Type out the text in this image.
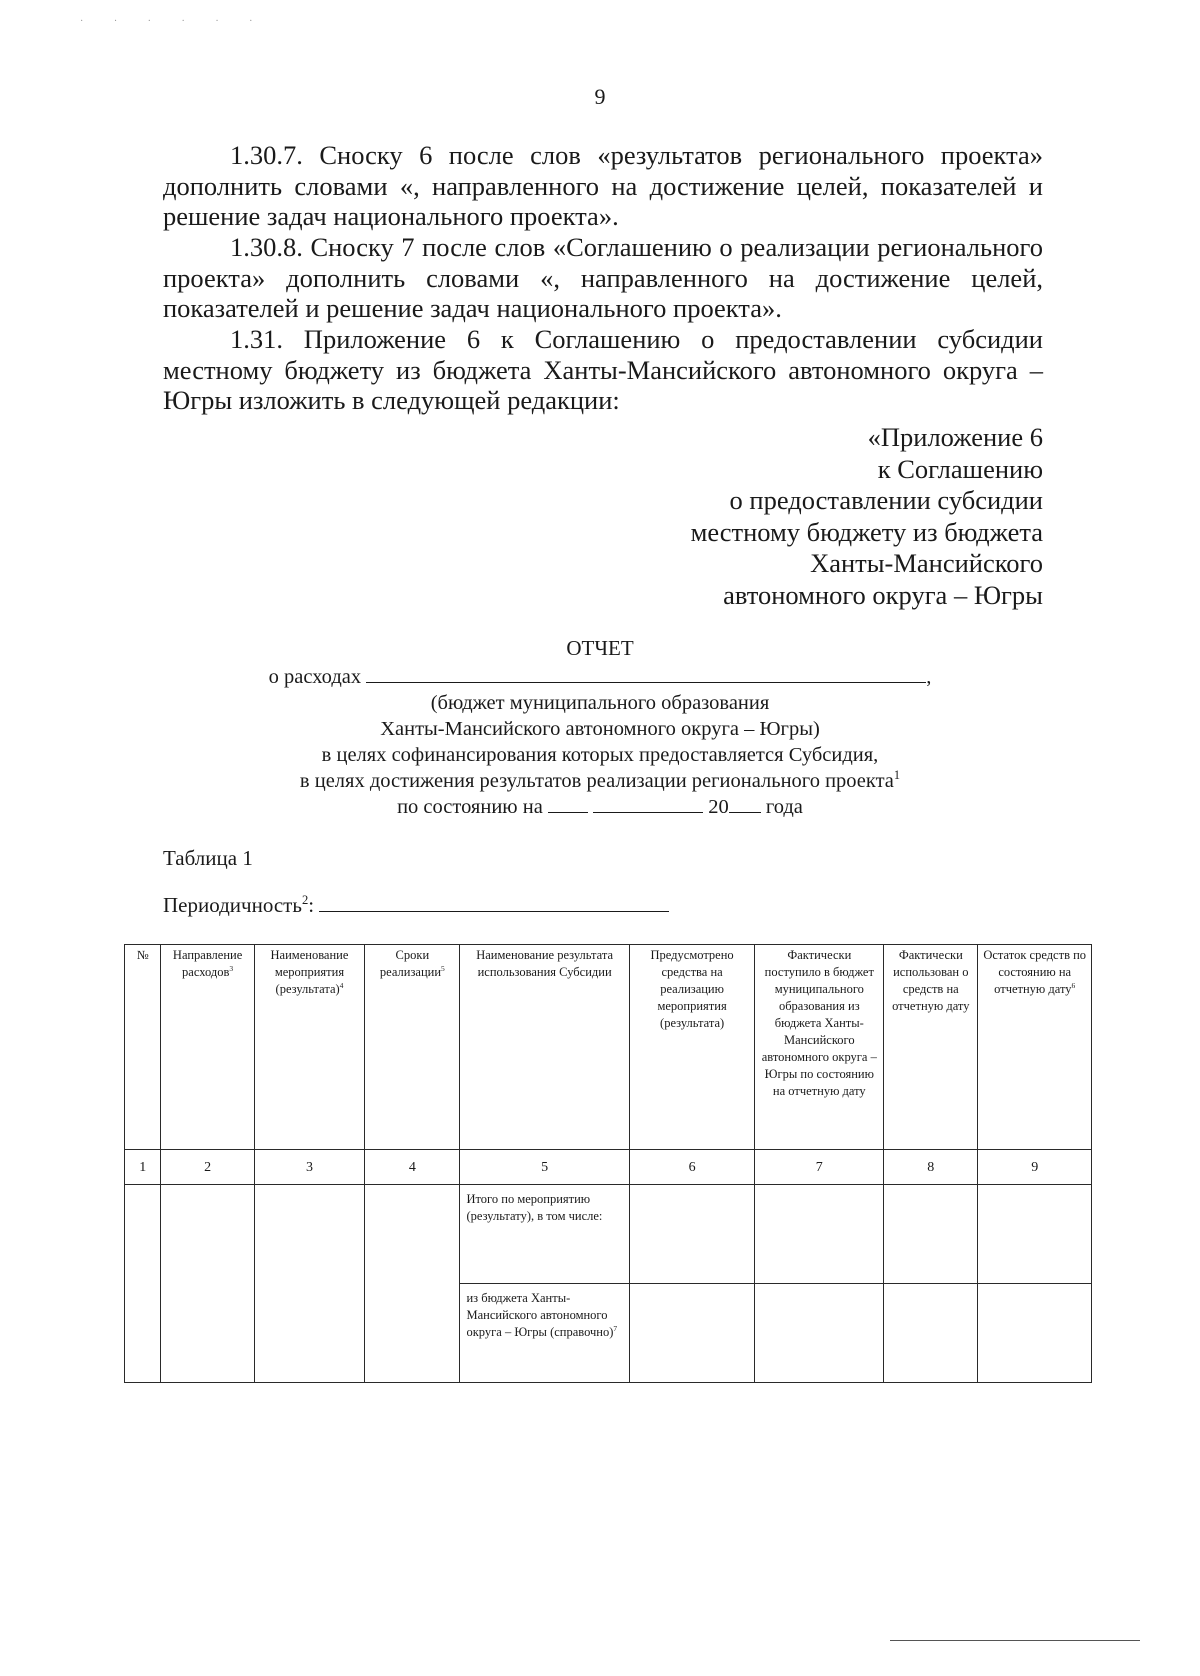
· · · · · ·
9

1.30.7. Сноску 6 после слов «результатов регионального проекта» дополнить словами «, направленного на достижение целей, показателей и решение задач национального проекта».

1.30.8. Сноску 7 после слов «Соглашению о реализации регионального проекта» дополнить словами «, направленного на достижение целей, показателей и решение задач национального проекта».

1.31. Приложение 6 к Соглашению о предоставлении субсидии местному бюджету из бюджета Ханты-Мансийского автономного округа – Югры изложить в следующей редакции:

«Приложение 6
к Соглашению
о предоставлении субсидии
местному бюджету из бюджета
Ханты-Мансийского
автономного округа – Югры
ОТЧЕТ
о расходах	,
(бюджет муниципального образования
Ханты-Мансийского автономного округа – Югры)
в целях софинансирования которых предоставляется Субсидия,
в целях достижения результатов реализации регионального проекта$^1$
по состоянию на	20 года
Таблица 1
Периодичность$^2$:
№	Направление расходов$^3$	Наименование мероприятия (результата)$^4$	Сроки реализации$^5$	Наименование результата использования Субсидии	Предусмотрено средства на реализацию мероприятия (результата)	Фактически поступило в бюджет муниципального образования из бюджета Ханты-Мансийского автономного округа – Югры по состоянию на отчетную дату	Фактически использован о средств на отчетную дату	Остаток средств по состоянию на отчетную дату$^6$
1	2	3	4	5	6	7	8	9
				Итого по мероприятию (результату), в том числе:				
				из бюджета Ханты-Мансийского автономного округа – Югры (справочно)$^7$				
